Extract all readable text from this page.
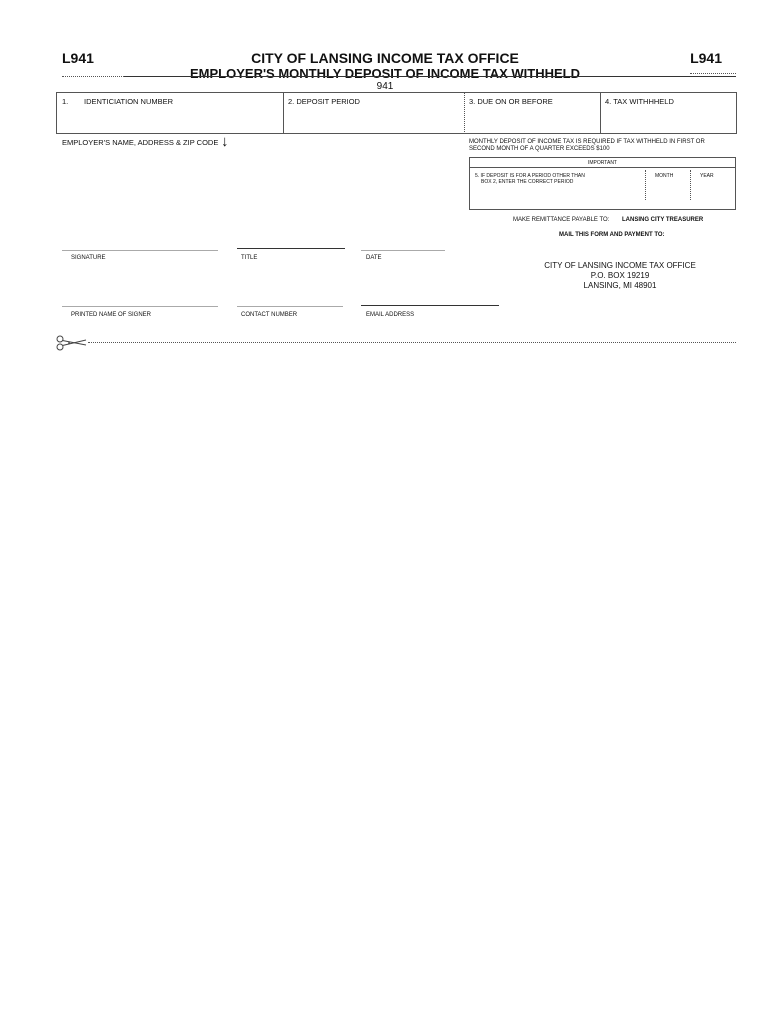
L941	L941
CITY OF LANSING INCOME TAX OFFICE
EMPLOYER'S MONTHLY DEPOSIT OF INCOME TAX WITHHELD
941
1. IDENTICIATION NUMBER	2. DEPOSIT PERIOD	3. DUE ON OR BEFORE	4. TAX WITHHHELD
EMPLOYER'S NAME, ADDRESS & ZIP CODE ↓	MONTHLY DEPOSIT OF INCOME TAX IS REQUIRED IF TAX WITHHELD IN FIRST OR
SECOND MONTH OF A QUARTER EXCEEDS $100
IMPORTANT
5. IF DEPOSIT IS FOR A PERIOD OTHER THAN
BOX 2, ENTER THE CORRECT PERIOD
MONTH	YEAR
MAKE REMITTANCE PAYABLE TO: LANSING CITY TREASURER
MAIL THIS FORM AND PAYMENT TO:
SIGNATURE	TITLE	DATE
CITY OF LANSING INCOME TAX OFFICE
P.O. BOX 19219
LANSING, MI 48901
PRINTED NAME OF SIGNER	CONTACT NUMBER	EMAIL ADDRESS
